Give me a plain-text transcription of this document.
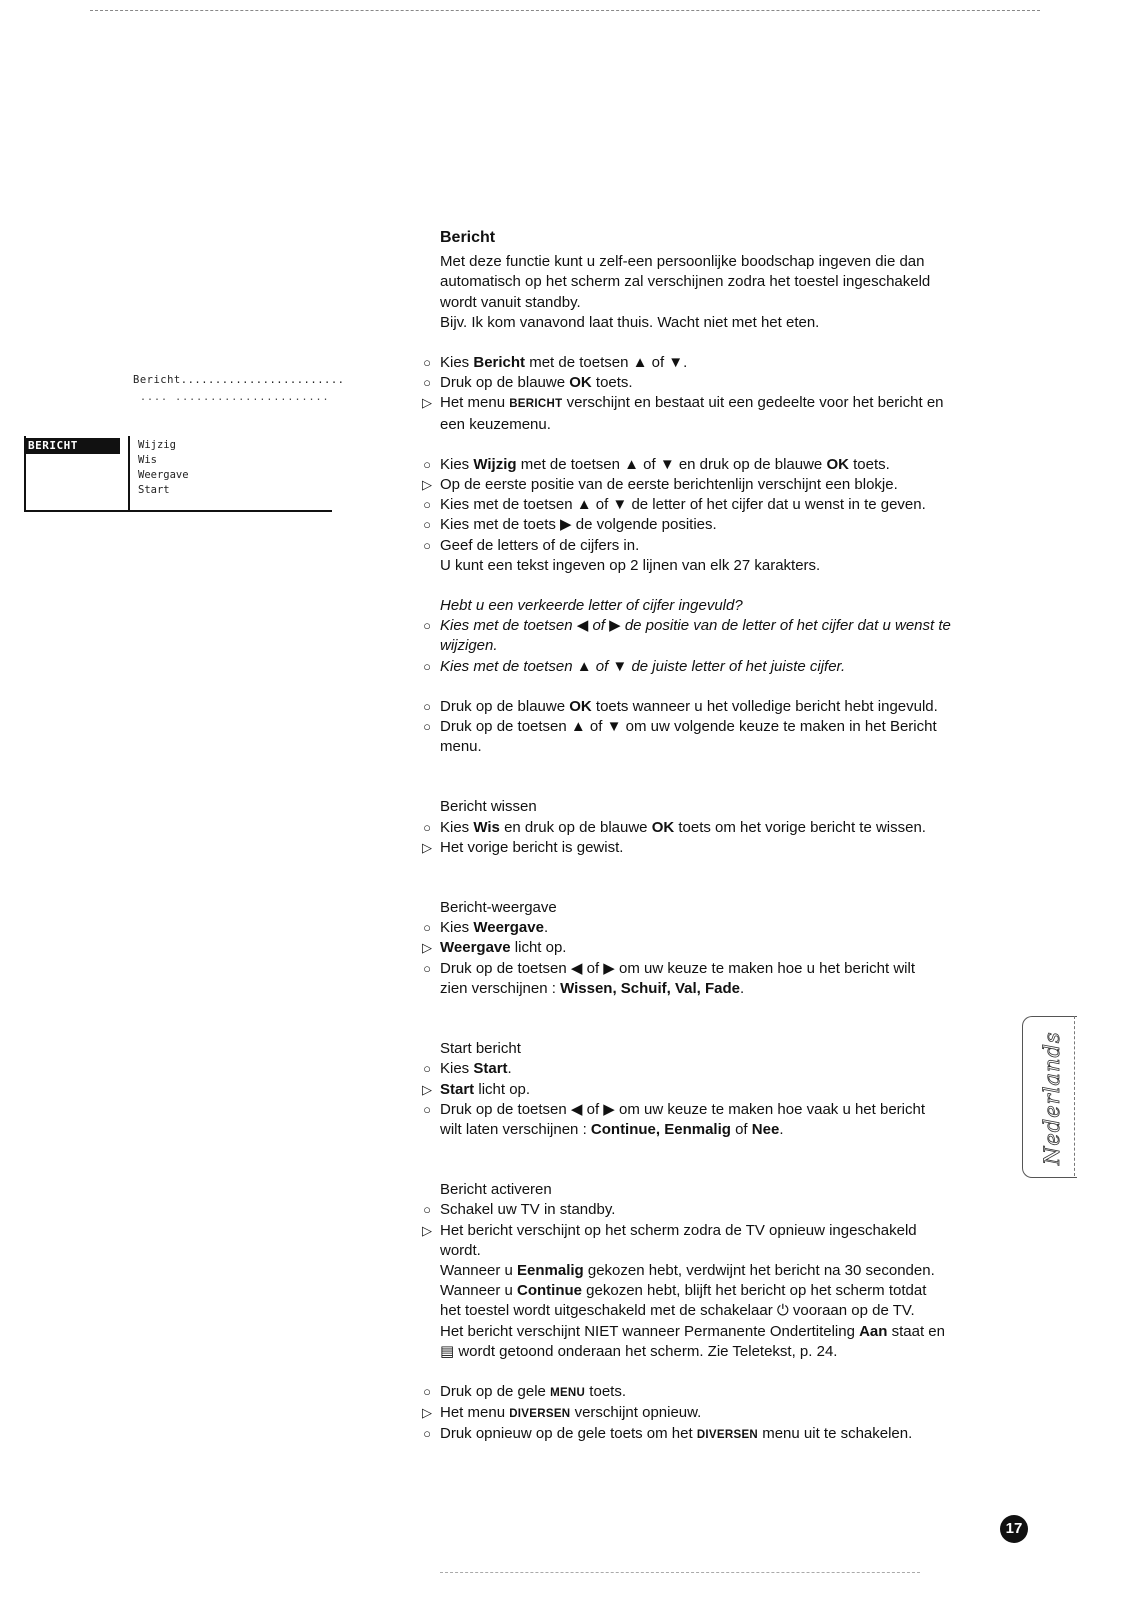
Bericht........................
.... ......................
BERICHT	Wijzig
Wis
Weergave
Start
Bericht
Met deze functie kunt u zelf-een persoonlijke boodschap ingeven die dan
automatisch op het scherm zal verschijnen zodra het toestel ingeschakeld
wordt vanuit standby.
Bijv. Ik kom vanavond laat thuis. Wacht niet met het eten.
○ Kies Bericht met de toetsen ▲ of ▼.
○ Druk op de blauwe OK toets.
▷ Het menu BERICHT verschijnt en bestaat uit een gedeelte voor het bericht en
een keuzemenu.
○ Kies Wijzig met de toetsen ▲ of ▼ en druk op de blauwe OK toets.
▷ Op de eerste positie van de eerste berichtenlijn verschijnt een blokje.
○ Kies met de toetsen ▲ of ▼ de letter of het cijfer dat u wenst in te geven.
○ Kies met de toets ▶ de volgende posities.
○ Geef de letters of de cijfers in.
U kunt een tekst ingeven op 2 lijnen van elk 27 karakters.
Hebt u een verkeerde letter of cijfer ingevuld?
○ Kies met de toetsen ◀ of ▶ de positie van de letter of het cijfer dat u wenst te
wijzigen.
○ Kies met de toetsen ▲ of ▼ de juiste letter of het juiste cijfer.
○ Druk op de blauwe OK toets wanneer u het volledige bericht hebt ingevuld.
○ Druk op de toetsen ▲ of ▼ om uw volgende keuze te maken in het Bericht
menu.
Bericht wissen
○ Kies Wis en druk op de blauwe OK toets om het vorige bericht te wissen.
▷ Het vorige bericht is gewist.
Bericht-weergave
○ Kies Weergave.
▷ Weergave licht op.
○ Druk op de toetsen ◀ of ▶ om uw keuze te maken hoe u het bericht wilt
zien verschijnen : Wissen, Schuif, Val, Fade.
Start bericht
○ Kies Start.
▷ Start licht op.
○ Druk op de toetsen ◀ of ▶ om uw keuze te maken hoe vaak u het bericht
wilt laten verschijnen : Continue, Eenmalig of Nee.
Bericht activeren
○ Schakel uw TV in standby.
▷ Het bericht verschijnt op het scherm zodra de TV opnieuw ingeschakeld
wordt.
Wanneer u Eenmalig gekozen hebt, verdwijnt het bericht na 30 seconden.
Wanneer u Continue gekozen hebt, blijft het bericht op het scherm totdat
het toestel wordt uitgeschakeld met de schakelaar ⏻ vooraan op de TV.
Het bericht verschijnt NIET wanneer Permanente Ondertiteling Aan staat en
▤ wordt getoond onderaan het scherm. Zie Teletekst, p. 24.
○ Druk op de gele MENU toets.
▷ Het menu DIVERSEN verschijnt opnieuw.
○ Druk opnieuw op de gele toets om het DIVERSEN menu uit te schakelen.
Nederlands
17
